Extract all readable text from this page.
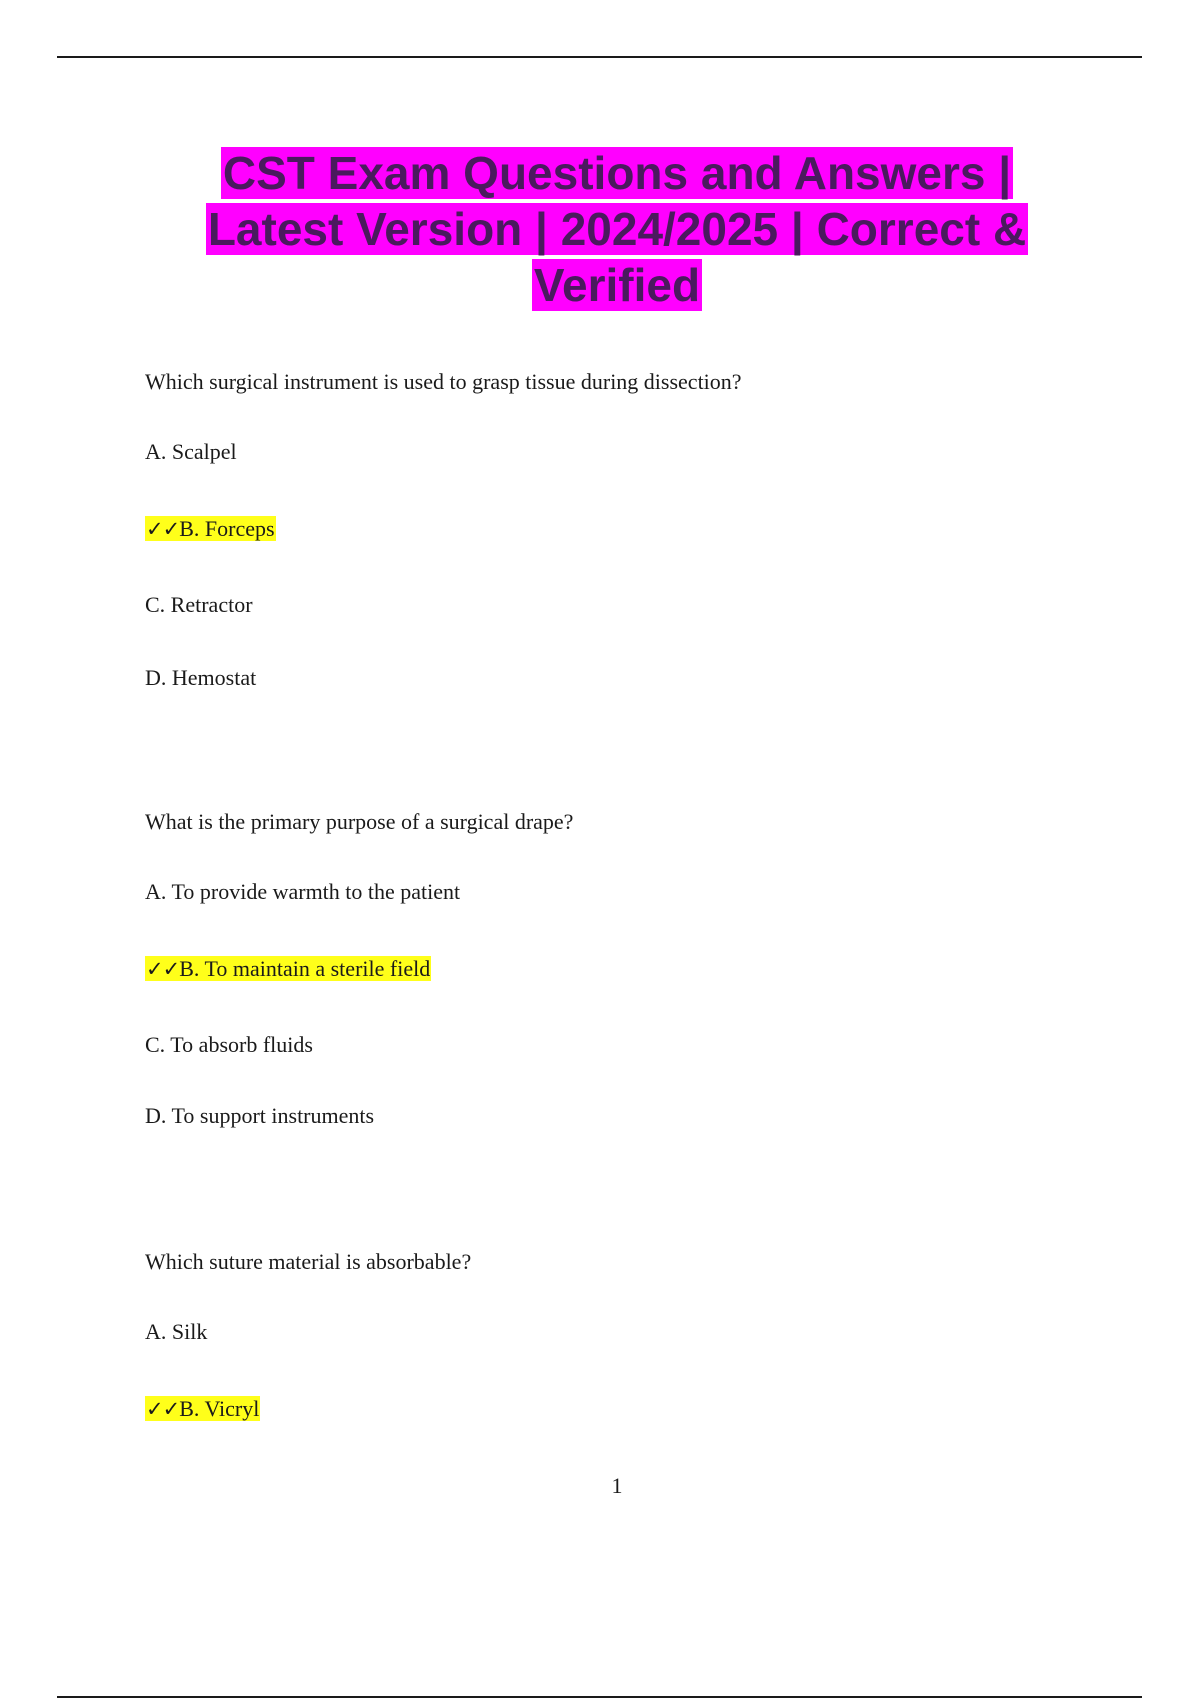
CST Exam Questions and Answers |
Latest Version | 2024/2025 | Correct &
Verified
Which surgical instrument is used to grasp tissue during dissection?
A. Scalpel
✓✓B. Forceps
C. Retractor
D. Hemostat
What is the primary purpose of a surgical drape?
A. To provide warmth to the patient
✓✓B. To maintain a sterile field
C. To absorb fluids
D. To support instruments
Which suture material is absorbable?
A. Silk
✓✓B. Vicryl
1
